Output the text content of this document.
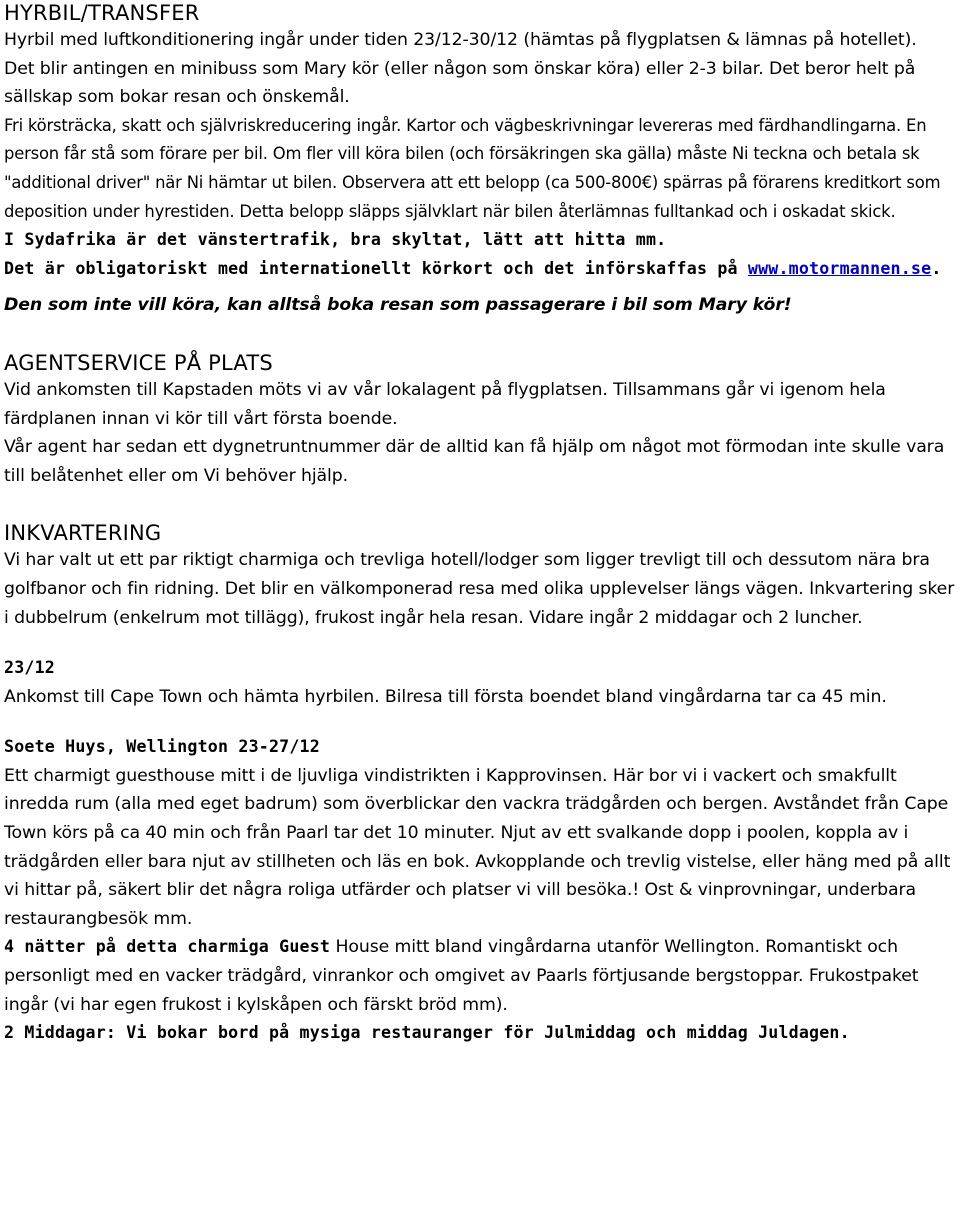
HYRBIL/TRANSFER

Hyrbil med luftkonditionering ingår under tiden 23/12-30/12 (hämtas på flygplatsen & lämnas på hotellet).

Det blir antingen en minibuss som Mary kör (eller någon som önskar köra) eller 2-3 bilar. Det beror helt på sällskap som bokar resan och önskemål.

Fri körsträcka, skatt och självriskreducering ingår. Kartor och vägbeskrivningar levereras med färdhandlingarna. En person får stå som förare per bil. Om fler vill köra bilen (och försäkringen ska gälla) måste Ni teckna och betala sk "additional driver" när Ni hämtar ut bilen. Observera att ett belopp (ca 500-800€) spärras på förarens kreditkort som deposition under hyrestiden. Detta belopp släpps självklart när bilen återlämnas fulltankad och i oskadat skick.

I Sydafrika är det vänstertrafik, bra skyltat, lätt att hitta mm.

Det är obligatoriskt med internationellt körkort och det införskaffas på www.motormannen.se.

Den som inte vill köra, kan alltså boka resan som passagerare i bil som Mary kör!

AGENTSERVICE PÅ PLATS

Vid ankomsten till Kapstaden möts vi av vår lokalagent på flygplatsen. Tillsammans går vi igenom hela färdplanen innan vi kör till vårt första boende.

Vår agent har sedan ett dygnetruntnummer där de alltid kan få hjälp om något mot förmodan inte skulle vara till belåtenhet eller om Vi behöver hjälp.

INKVARTERING

Vi har valt ut ett par riktigt charmiga och trevliga hotell/lodger som ligger trevligt till och dessutom nära bra golfbanor och fin ridning. Det blir en välkomponerad resa med olika upplevelser längs vägen. Inkvartering sker i dubbelrum (enkelrum mot tillägg), frukost ingår hela resan. Vidare ingår 2 middagar och 2 luncher.

23/12

Ankomst till Cape Town och hämta hyrbilen. Bilresa till första boendet bland vingårdarna tar ca 45 min.

Soete Huys, Wellington 23-27/12

Ett charmigt guesthouse mitt i de ljuvliga vindistrikten i Kapprovinsen. Här bor vi i vackert och smakfullt inredda rum (alla med eget badrum) som överblickar den vackra trädgården och bergen. Avståndet från Cape Town körs på ca 40 min och från Paarl tar det 10 minuter. Njut av ett svalkande dopp i poolen, koppla av i trädgården eller bara njut av stillheten och läs en bok. Avkopplande och trevlig vistelse, eller häng med på allt vi hittar på, säkert blir det några roliga utfärder och platser vi vill besöka.! Ost & vinprovningar, underbara restaurangbesök mm.

4 nätter på detta charmiga Guest House mitt bland vingårdarna utanför Wellington. Romantiskt och personligt med en vacker trädgård, vinrankor och omgivet av Paarls förtjusande bergstoppar. Frukostpaket ingår (vi har egen frukost i kylskåpen och färskt bröd mm).

2 Middagar: Vi bokar bord på mysiga restauranger för Julmiddag och middag Juldagen.
